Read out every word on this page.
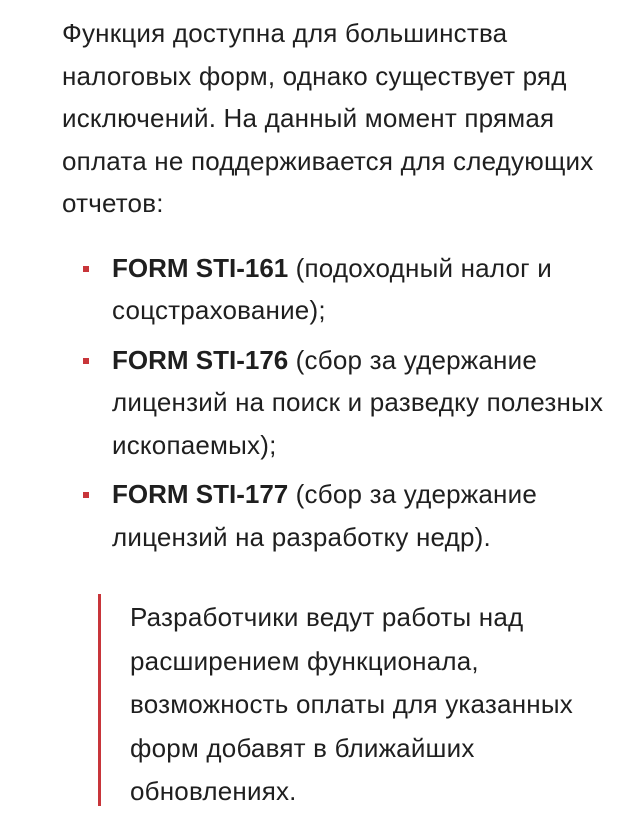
Функция доступна для большинства налоговых форм, однако существует ряд исключений. На данный момент прямая оплата не поддерживается для следующих отчетов:

FORM STI-161 (подоходный налог и соцстрахование);
FORM STI-176 (сбор за удержание лицензий на поиск и разведку полезных ископаемых);
FORM STI-177 (сбор за удержание лицензий на разработку недр).

Разработчики ведут работы над расширением функционала, возможность оплаты для указанных форм добавят в ближайших обновлениях.
